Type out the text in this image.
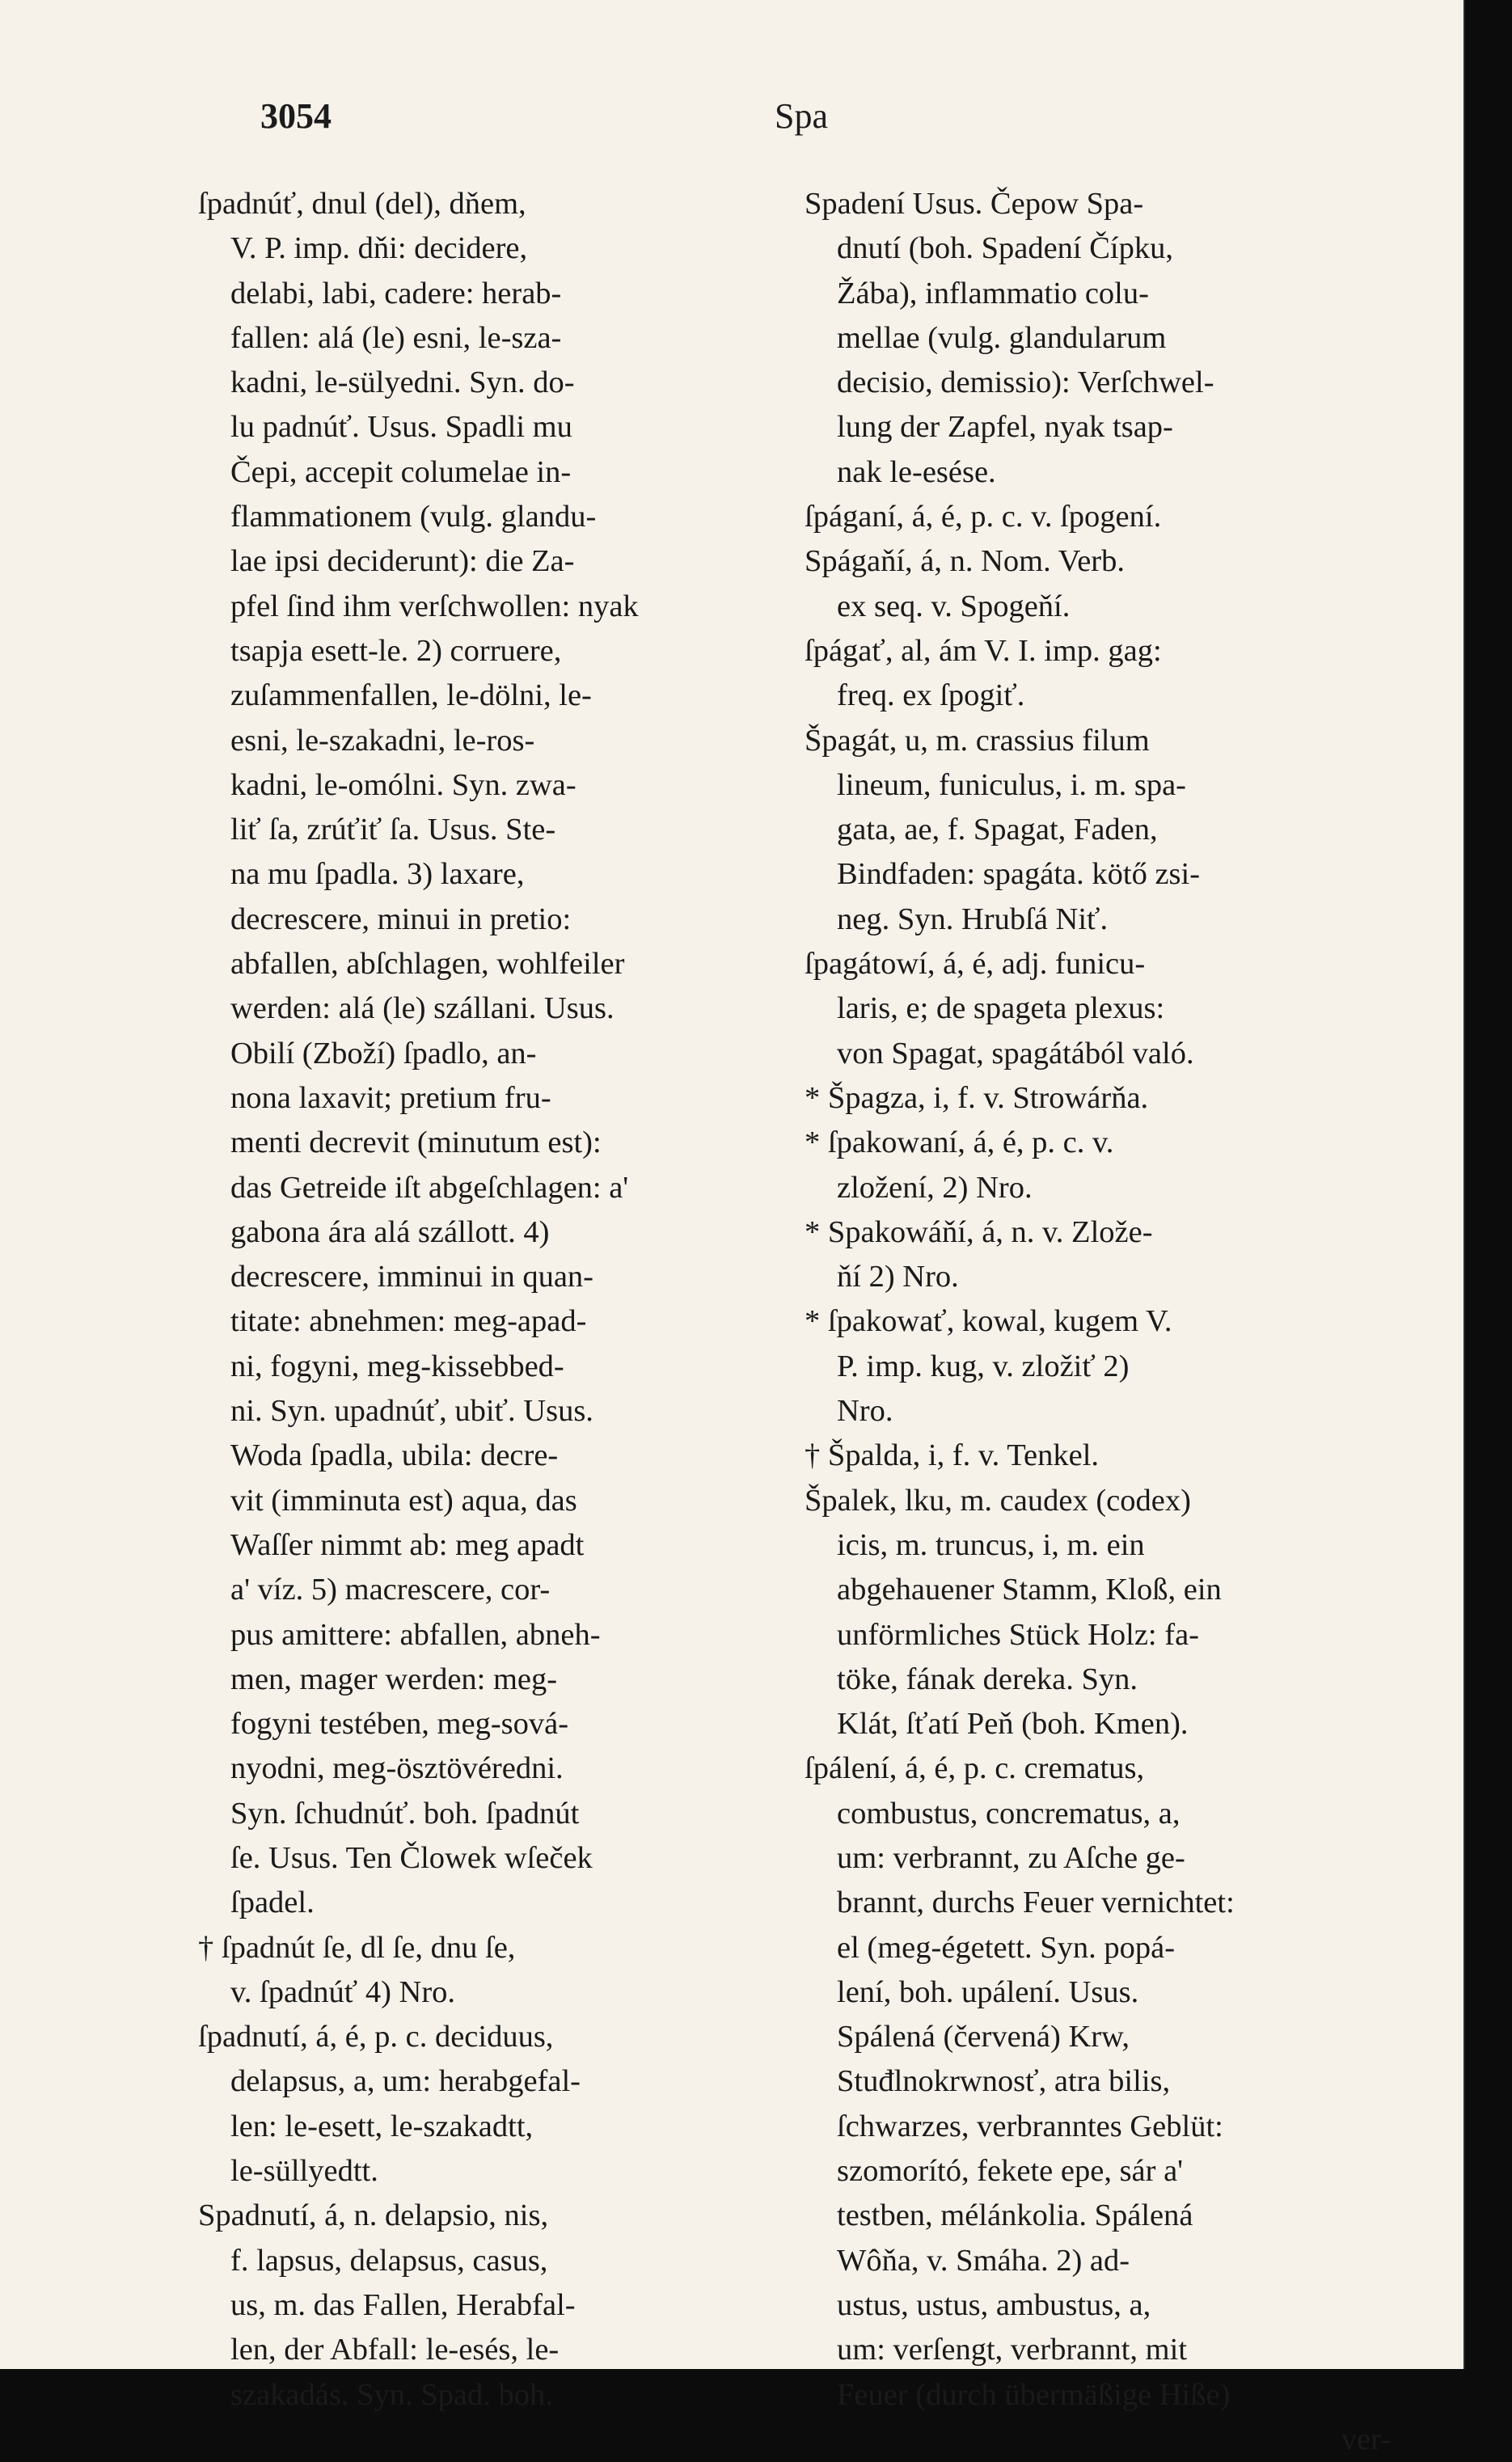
3054	Spa
ſpadnúť, dnul (del), dňem,
V. P. imp. dňi: decidere,
delabi, labi, cadere: herab-
fallen: alá (le) esni, le-sza-
kadni, le-sülyedni. Syn. do-
lu padnúť. Usus. Spadli mu
Čepi, accepit columelae in-
flammationem (vulg. glandu-
lae ipsi deciderunt): die Za-
pfel ſind ihm verſchwollen: nyak
tsapja esett-le. 2) corruere,
zuſammenfallen, le-dölni, le-
esni, le-szakadni, le-ros-
kadni, le-omólni. Syn. zwa-
liť ſa, zrúťiť ſa. Usus. Ste-
na mu ſpadla. 3) laxare,
decrescere, minui in pretio:
abfallen, abſchlagen, wohlfeiler
werden: alá (le) szállani. Usus.
Obilí (Zboží) ſpadlo, an-
nona laxavit; pretium fru-
menti decrevit (minutum est):
das Getreide iſt abgeſchlagen: a'
gabona ára alá szállott. 4)
decrescere, imminui in quan-
titate: abnehmen: meg-apad-
ni, fogyni, meg-kissebbed-
ni. Syn. upadnúť, ubiť. Usus.
Woda ſpadla, ubila: decre-
vit (imminuta est) aqua, das
Waſſer nimmt ab: meg apadt
a' víz. 5) macrescere, cor-
pus amittere: abfallen, abneh-
men, mager werden: meg-
fogyni testében, meg-sová-
nyodni, meg-ösztövéredni.
Syn. ſchudnúť. boh. ſpadnút
ſe. Usus. Ten Člowek wſeček
ſpadel.
† ſpadnút ſe, dl ſe, dnu ſe,
v. ſpadnúť 4) Nro.
ſpadnutí, á, é, p. c. deciduus,
delapsus, a, um: herabgefal-
len: le-esett, le-szakadtt,
le-süllyedtt.
Spadnutí, á, n. delapsio, nis,
f. lapsus, delapsus, casus,
us, m. das Fallen, Herabfal-
len, der Abfall: le-esés, le-
szakadás. Syn. Spad. boh.
Spadení Usus. Čepow Spa-
dnutí (boh. Spadení Čípku,
Žába), inflammatio colu-
mellae (vulg. glandularum
decisio, demissio): Verſchwel-
lung der Zapfel, nyak tsap-
nak le-esése.
ſpáganí, á, é, p. c. v. ſpogení.
Spágaňí, á, n. Nom. Verb.
ex seq. v. Spogeňí.
ſpágať, al, ám V. I. imp. gag:
freq. ex ſpogiť.
Špagát, u, m. crassius filum
lineum, funiculus, i. m. spa-
gata, ae, f. Spagat, Faden,
Bindfaden: spagáta. kötő zsi-
neg. Syn. Hrubſá Niť.
ſpagátowí, á, é, adj. funicu-
laris, e; de spageta plexus:
von Spagat, spagátából való.
* Špagza, i, f. v. Strowárňa.
* ſpakowaní, á, é, p. c. v.
zložení, 2) Nro.
* Spakowáňí, á, n. v. Zlože-
ňí 2) Nro.
* ſpakowať, kowal, kugem V.
P. imp. kug, v. zložiť 2)
Nro.
† Špalda, i, f. v. Tenkel.
Špalek, lku, m. caudex (codex)
icis, m. truncus, i, m. ein
abgehauener Stamm, Kloß, ein
unförmliches Stück Holz: fa-
töke, fának dereka. Syn.
Klát, ſťatí Peň (boh. Kmen).
ſpálení, á, é, p. c. crematus,
combustus, concrematus, a,
um: verbrannt, zu Aſche ge-
brannt, durchs Feuer vernichtet:
el (meg-égetett. Syn. popá-
lení, boh. upálení. Usus.
Spálená (červená) Krw,
Stuđlnokrwnosť, atra bilis,
ſchwarzes, verbranntes Geblüt:
szomorító, fekete epe, sár a'
testben, mélánkolia. Spálená
Wôňa, v. Smáha. 2) ad-
ustus, ustus, ambustus, a,
um: verſengt, verbrannt, mit
Feuer (durch übermäßige Hiße)
ver-
